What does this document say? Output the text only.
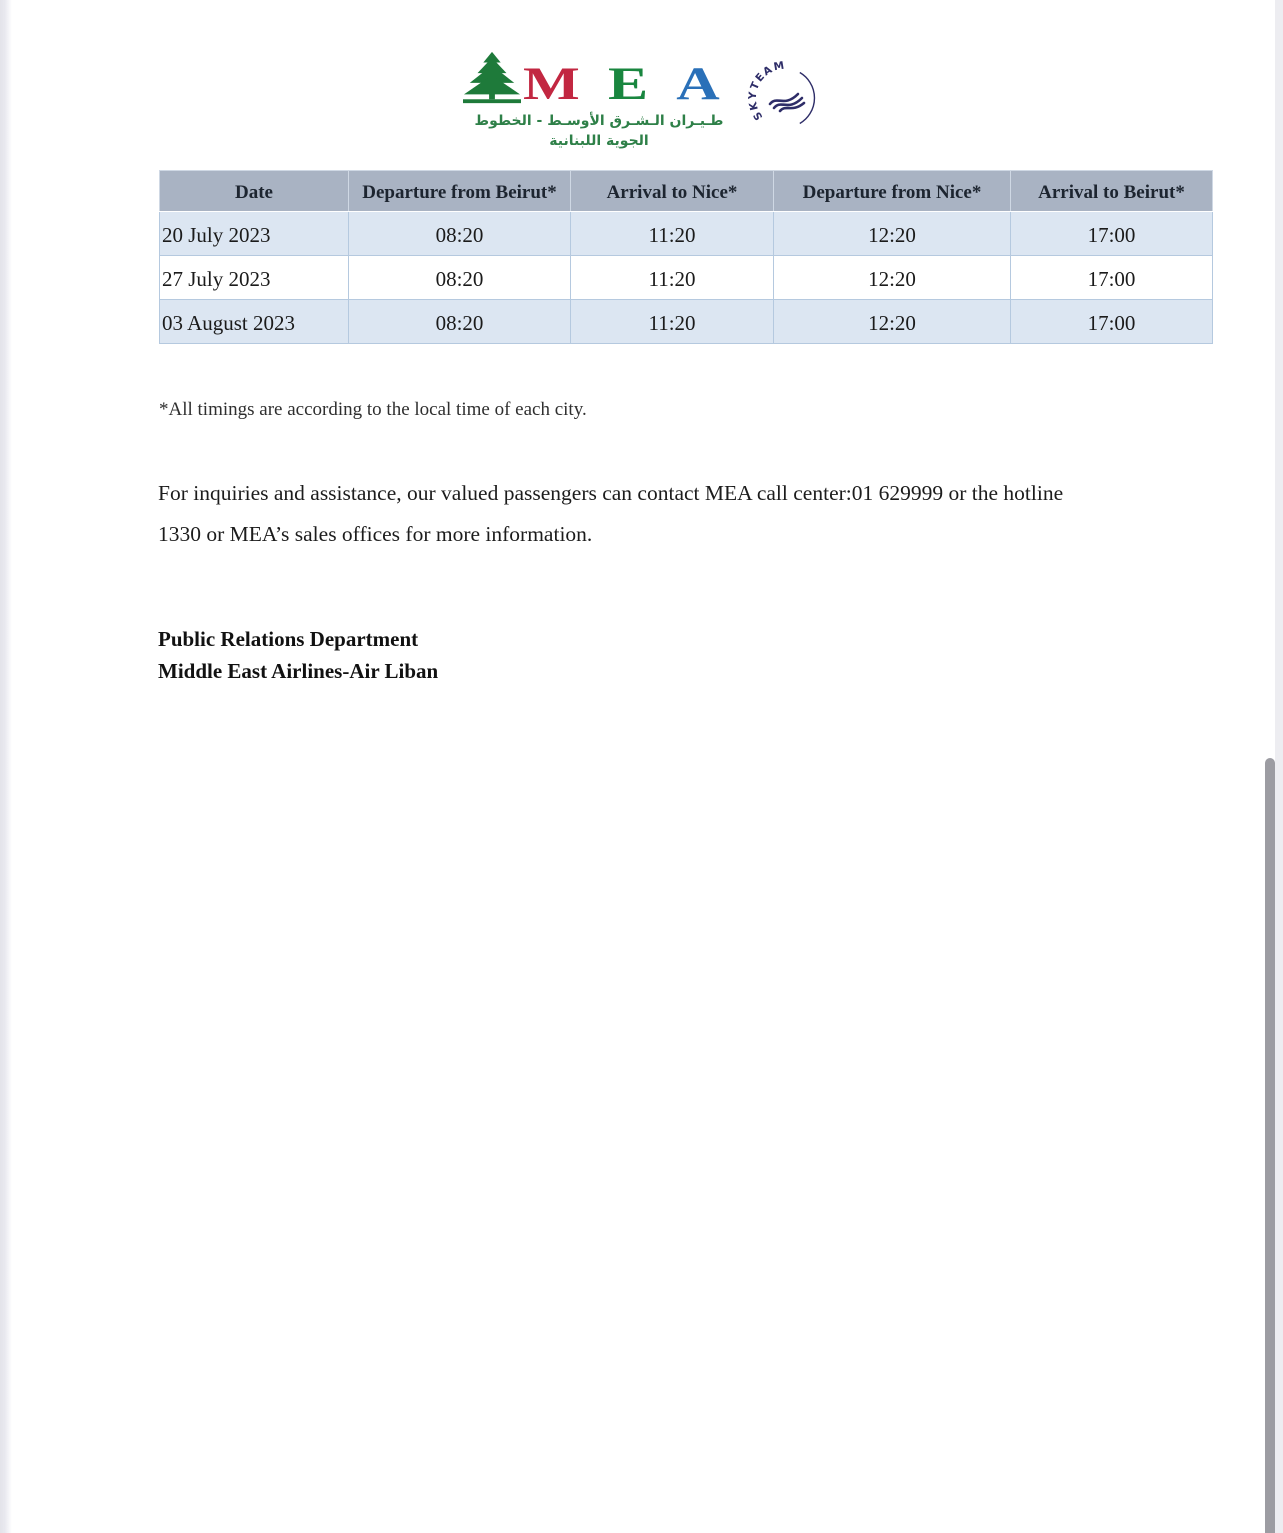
MEA
طـيـران الـشـرق الأوسـط - الخطوط الجوية اللبنانية
SKYTEAM
Date	Departure from Beirut*	Arrival to Nice*	Departure from Nice*	Arrival to Beirut*
20 July 2023	08:20	11:20	12:20	17:00
27 July 2023	08:20	11:20	12:20	17:00
03 August 2023	08:20	11:20	12:20	17:00
*All timings are according to the local time of each city.
For inquiries and assistance, our valued passengers can contact MEA call center:01 629999 or the hotline 1330 or MEA’s sales offices for more information.
Public Relations Department
Middle East Airlines-Air Liban
